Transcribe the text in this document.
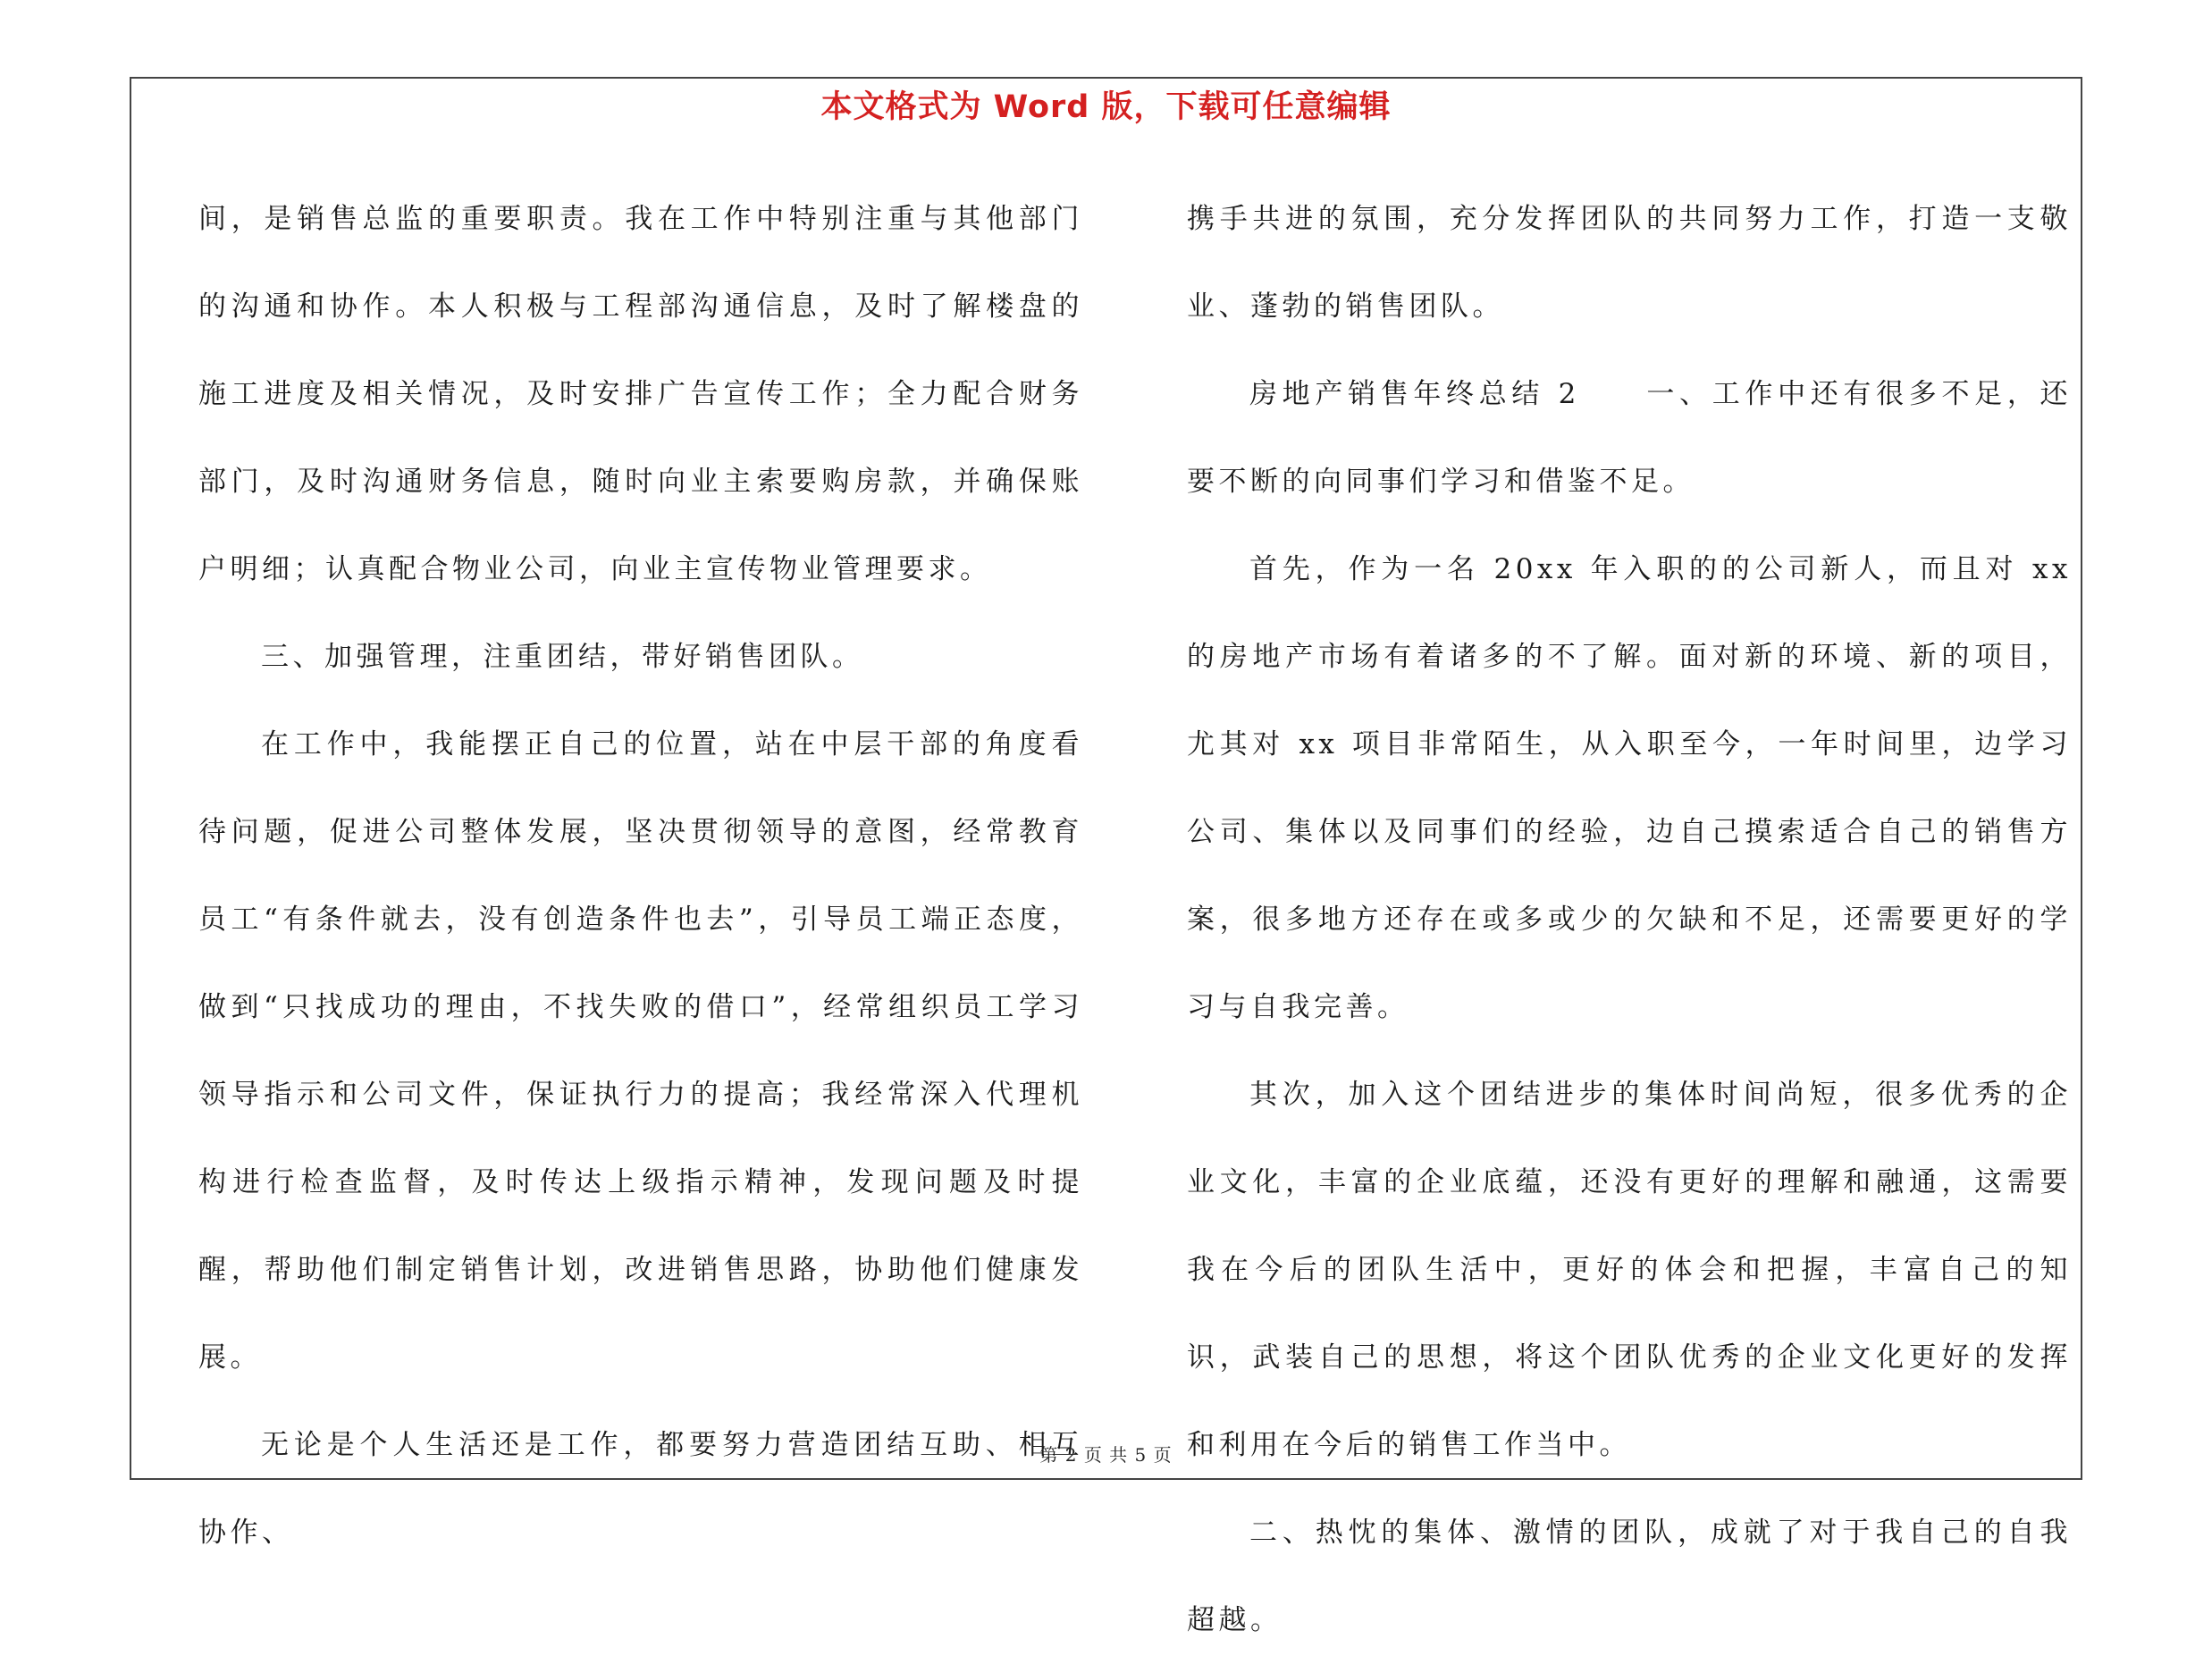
本文格式为 Word 版，下载可任意编辑

间，是销售总监的重要职责。我在工作中特别注重与其他部门的沟通和协作。本人积极与工程部沟通信息，及时了解楼盘的施工进度及相关情况，及时安排广告宣传工作；全力配合财务部门，及时沟通财务信息，随时向业主索要购房款，并确保账户明细；认真配合物业公司，向业主宣传物业管理要求。

三、加强管理，注重团结，带好销售团队。

在工作中，我能摆正自己的位置，站在中层干部的角度看待问题，促进公司整体发展，坚决贯彻领导的意图，经常教育员工“有条件就去，没有创造条件也去”，引导员工端正态度，做到“只找成功的理由，不找失败的借口”，经常组织员工学习领导指示和公司文件，保证执行力的提高；我经常深入代理机构进行检查监督，及时传达上级指示精神，发现问题及时提醒，帮助他们制定销售计划，改进销售思路，协助他们健康发展。

无论是个人生活还是工作，都要努力营造团结互助、相互协作、

携手共进的氛围，充分发挥团队的共同努力工作，打造一支敬业、蓬勃的销售团队。

房地产销售年终总结 2　　一、工作中还有很多不足，还要不断的向同事们学习和借鉴不足。

首先，作为一名 20xx 年入职的的公司新人，而且对 xx 的房地产市场有着诸多的不了解。面对新的环境、新的项目，尤其对 xx 项目非常陌生，从入职至今，一年时间里，边学习公司、集体以及同事们的经验，边自己摸索适合自己的销售方案，很多地方还存在或多或少的欠缺和不足，还需要更好的学习与自我完善。

其次，加入这个团结进步的集体时间尚短，很多优秀的企业文化，丰富的企业底蕴，还没有更好的理解和融通，这需要我在今后的团队生活中，更好的体会和把握，丰富自己的知识，武装自己的思想，将这个团队优秀的企业文化更好的发挥和利用在今后的销售工作当中。

二、热忱的集体、激情的团队，成就了对于我自己的自我超越。

第 2 页 共 5 页
